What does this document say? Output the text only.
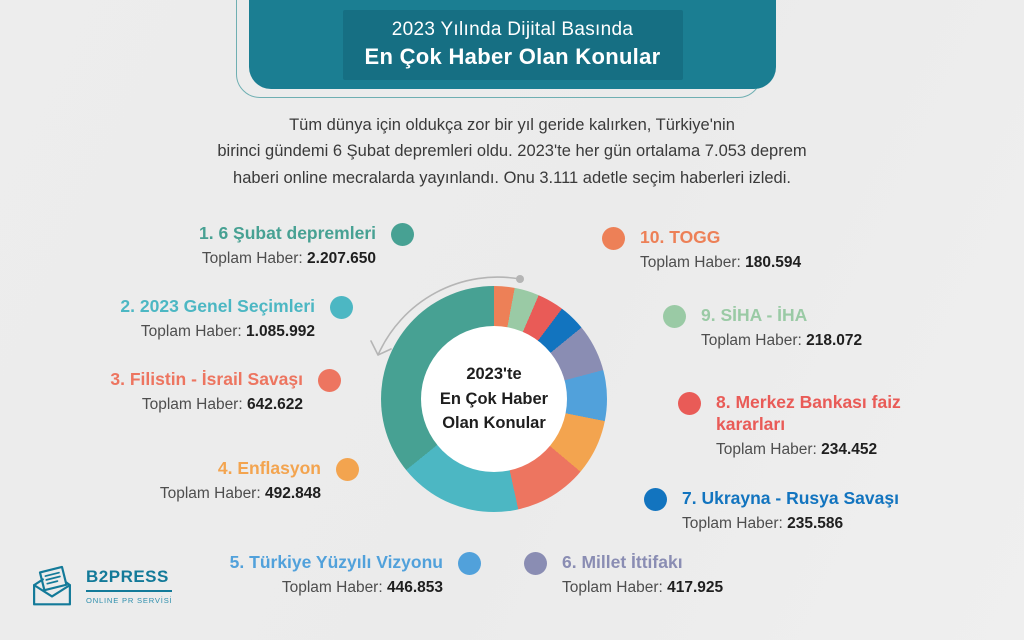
2023 Yılında Dijital Basında
En Çok Haber Olan Konular
Tüm dünya için oldukça zor bir yıl geride kalırken, Türkiye'nin
birinci gündemi 6 Şubat depremleri oldu. 2023'te her gün ortalama 7.053 deprem
haberi online mecralarda yayınlandı. Onu 3.111 adetle seçim haberleri izledi.
2023'te
En Çok Haber
Olan Konular
1. 6 Şubat depremleri
Toplam Haber: 2.207.650
2. 2023 Genel Seçimleri
Toplam Haber: 1.085.992
3. Filistin - İsrail Savaşı
Toplam Haber: 642.622
4. Enflasyon
Toplam Haber: 492.848
5. Türkiye Yüzyılı Vizyonu
Toplam Haber: 446.853
10. TOGG
Toplam Haber: 180.594
9. SİHA - İHA
Toplam Haber: 218.072
8. Merkez Bankası faiz kararları
Toplam Haber: 234.452
7. Ukrayna - Rusya Savaşı
Toplam Haber: 235.586
6. Millet İttifakı
Toplam Haber: 417.925
B2PRESS
ONLINE PR SERVİSİ
